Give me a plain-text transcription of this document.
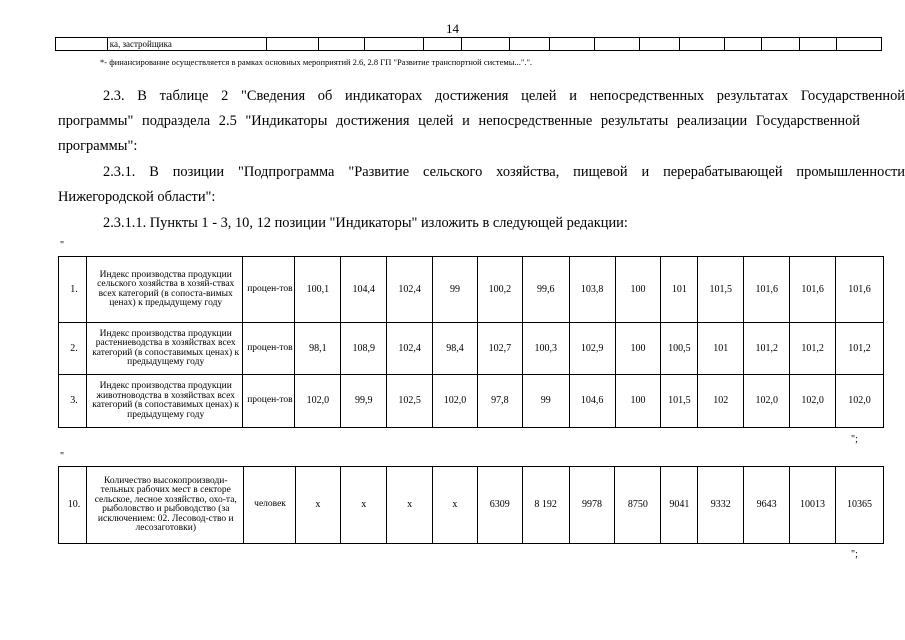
14
	ка, застройщика														
*- финансирование осуществляется в рамках основных мероприятий 2.6, 2.8 ГП "Развитие транспортной системы...".".
2.3. В таблице 2 "Сведения об индикаторах достижения целей и непосредственных результатах Государственной
программы" подраздела 2.5 "Индикаторы достижения целей и непосредственные результаты реализации Государственной
программы":
2.3.1. В позиции "Подпрограмма "Развитие сельского хозяйства, пищевой и перерабатывающей промышленности
Нижегородской области":
2.3.1.1. Пункты 1 - 3, 10, 12 позиции "Индикаторы" изложить в следующей редакции:
"
1.	Индекс производства продукции сельского хозяйства в хозяй-ствах всех категорий (в сопоста-вимых ценах) к предыдущему году	процен-тов	100,1	104,4	102,4	99	100,2	99,6	103,8	100	101	101,5	101,6	101,6	101,6
2.	Индекс производства продукции растениеводства в хозяйствах всех категорий (в сопоставимых ценах) к предыдущему году	процен-тов	98,1	108,9	102,4	98,4	102,7	100,3	102,9	100	100,5	101	101,2	101,2	101,2
3.	Индекс производства продукции животноводства в хозяйствах всех категорий (в сопоставимых ценах) к предыдущему году	процен-тов	102,0	99,9	102,5	102,0	97,8	99	104,6	100	101,5	102	102,0	102,0	102,0
";
"
10.	Количество высокопроизводи-тельных рабочих мест в секторе сельское, лесное хозяйство, охо-та, рыболовство и рыбоводство (за исключением: 02. Лесовод-ство и лесозаготовки)	человек	x	x	x	x	6309	8 192	9978	8750	9041	9332	9643	10013	10365
";
